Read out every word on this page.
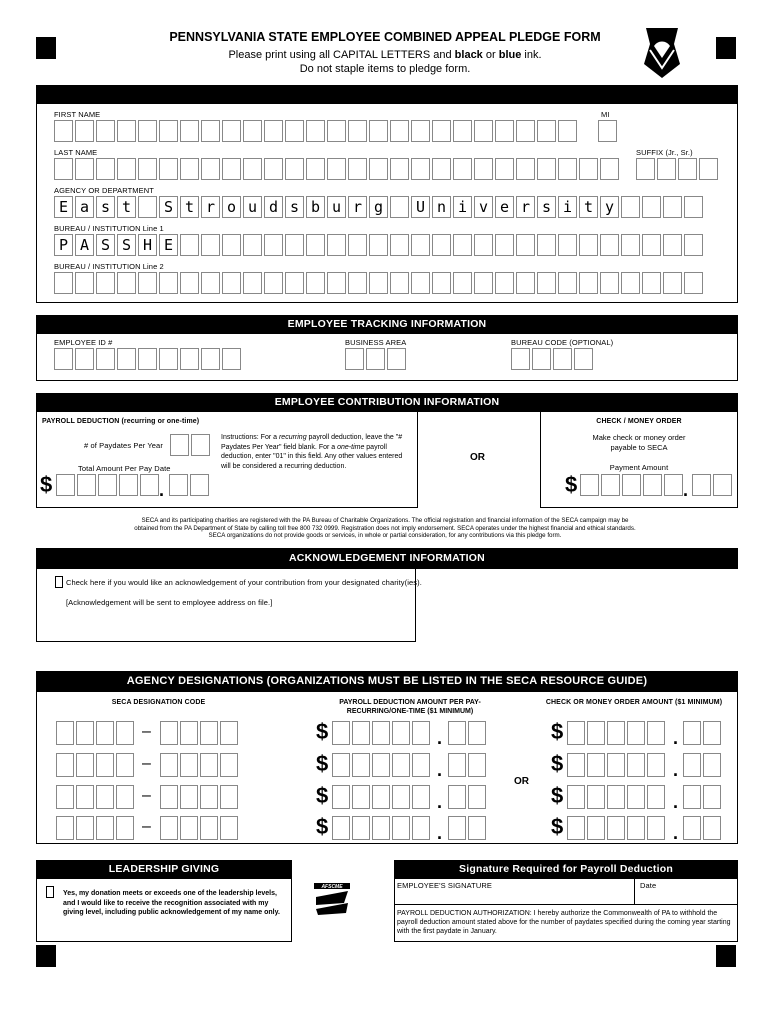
PENNSYLVANIA STATE EMPLOYEE COMBINED APPEAL PLEDGE FORM
Please print using all CAPITAL LETTERS and black or blue ink.
Do not staple items to pledge form.
FIRST NAME	MI
LAST NAME	SUFFIX (Jr., Sr.)
AGENCY OR DEPARTMENT
E a s t	S t r o u d s b u r g	U n i v e r s i t y
BUREAU / INSTITUTION Line 1
P A S S H E
BUREAU / INSTITUTION Line 2
EMPLOYEE TRACKING INFORMATION
EMPLOYEE ID #	BUSINESS AREA	BUREAU CODE (OPTIONAL)
EMPLOYEE CONTRIBUTION INFORMATION
PAYROLL DEDUCTION (recurring or one-time)
# of Paydates Per Year
Total Amount Per Pay Date
$	.
Instructions: For a recurring payroll deduction, leave the "# Paydates Per Year" field blank. For a one-time payroll deduction, enter "01" in this field. Any other values entered will be considered a recurring deduction.
OR
CHECK / MONEY ORDER
Make check or money order payable to SECA
Payment Amount
$	.
SECA and its participating charities are registered with the PA Bureau of Charitable Organizations. The official registration and financial information of the SECA campaign may be
obtained from the PA Department of State by calling toll free 800 732 0999. Registration does not imply endorsement. SECA operates under the highest financial and ethical standards.
SECA organizations do not provide goods or services, in whole or partial consideration, for any contributions via this pledge form.
ACKNOWLEDGEMENT INFORMATION
Check here if you would like an acknowledgement of your contribution from your designated charity(ies).
[Acknowledgement will be sent to employee address on file.]
AGENCY DESIGNATIONS (ORGANIZATIONS MUST BE LISTED IN THE SECA RESOURCE GUIDE)
SECA DESIGNATION CODE	PAYROLL DEDUCTION AMOUNT PER PAY-RECURRING/ONE-TIME ($1 MINIMUM)
CHECK OR MONEY ORDER AMOUNT ($1 MINIMUM)
OR
–	$	.	$	.
–	$	.	$	.
–	$	.	$	.
–	$	.	$	.
LEADERSHIP GIVING
Yes, my donation meets or exceeds one of the leadership levels, and I would like to receive the recognition associated with my giving level, including public acknowledgement of my name only.
AFSCME
Signature Required for Payroll Deduction
EMPLOYEE'S SIGNATURE	Date
PAYROLL DEDUCTION AUTHORIZATION: I hereby authorize the Commonwealth of PA to withhold the payroll deduction amount stated above for the number of paydates specified during the coming year starting with the first paydate in January.
